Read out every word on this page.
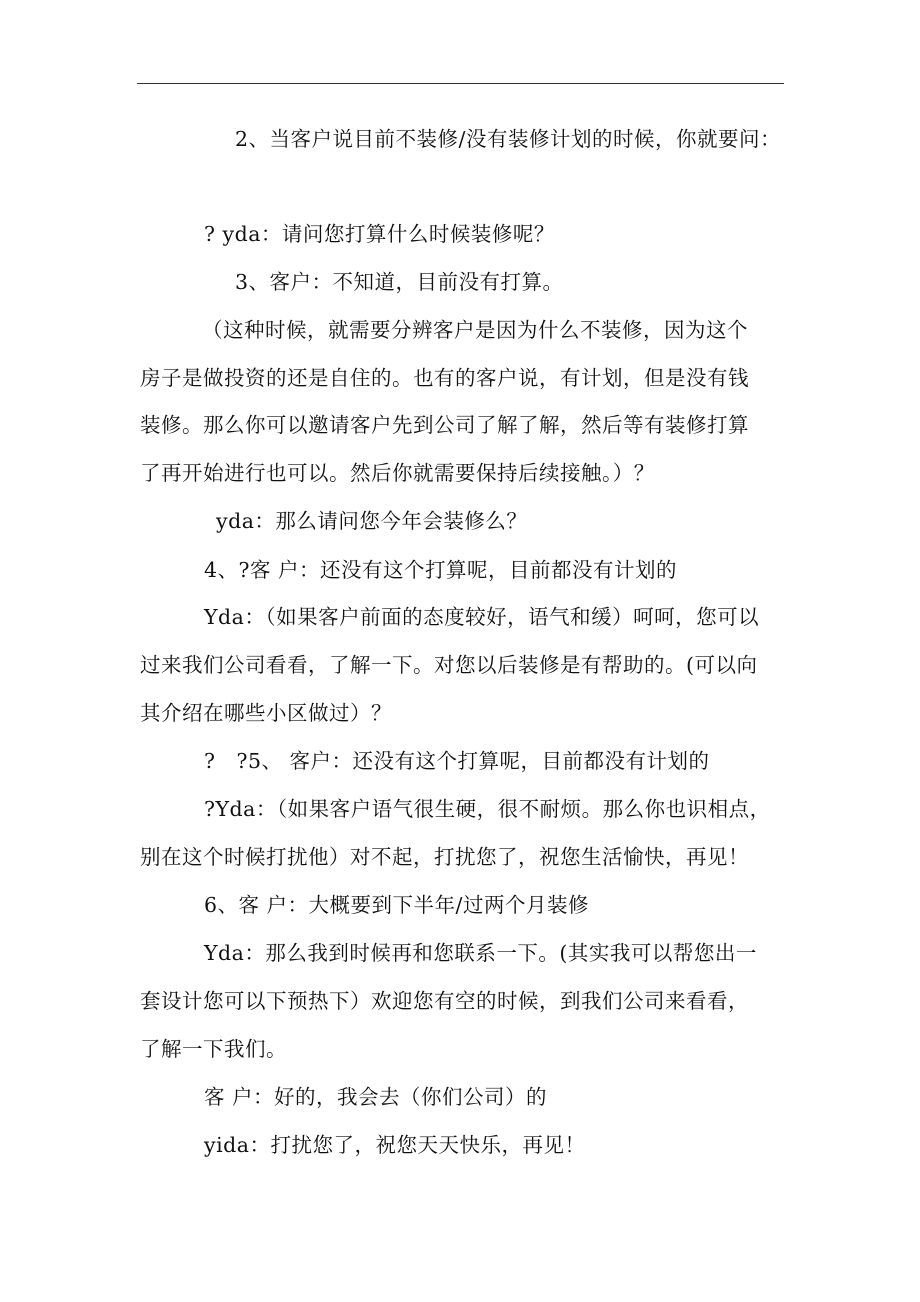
2、当客户说目前不装修/没有装修计划的时候，你就要问：
? yda：请问您打算什么时候装修呢？
3、客户：不知道，目前没有打算。
（这种时候，就需要分辨客户是因为什么不装修，因为这个
房子是做投资的还是自住的。也有的客户说，有计划，但是没有钱
装修。那么你可以邀请客户先到公司了解了解，然后等有装修打算
了再开始进行也可以。然后你就需要保持后续接触。）？
yda：那么请问您今年会装修么？
4、?客 户：还没有这个打算呢，目前都没有计划的
Yda：（如果客户前面的态度较好，语气和缓）呵呵，您可以
过来我们公司看看，了解一下。对您以后装修是有帮助的。(可以向
其介绍在哪些小区做过）？
?　?5、 客户：还没有这个打算呢，目前都没有计划的
?Yda：（如果客户语气很生硬，很不耐烦。那么你也识相点，
别在这个时候打扰他）对不起，打扰您了，祝您生活愉快，再见！
6、客 户：大概要到下半年/过两个月装修
Yda：那么我到时候再和您联系一下。(其实我可以帮您出一
套设计您可以下预热下）欢迎您有空的时候，到我们公司来看看，
了解一下我们。
客 户：好的，我会去（你们公司）的
yida：打扰您了，祝您天天快乐，再见！
